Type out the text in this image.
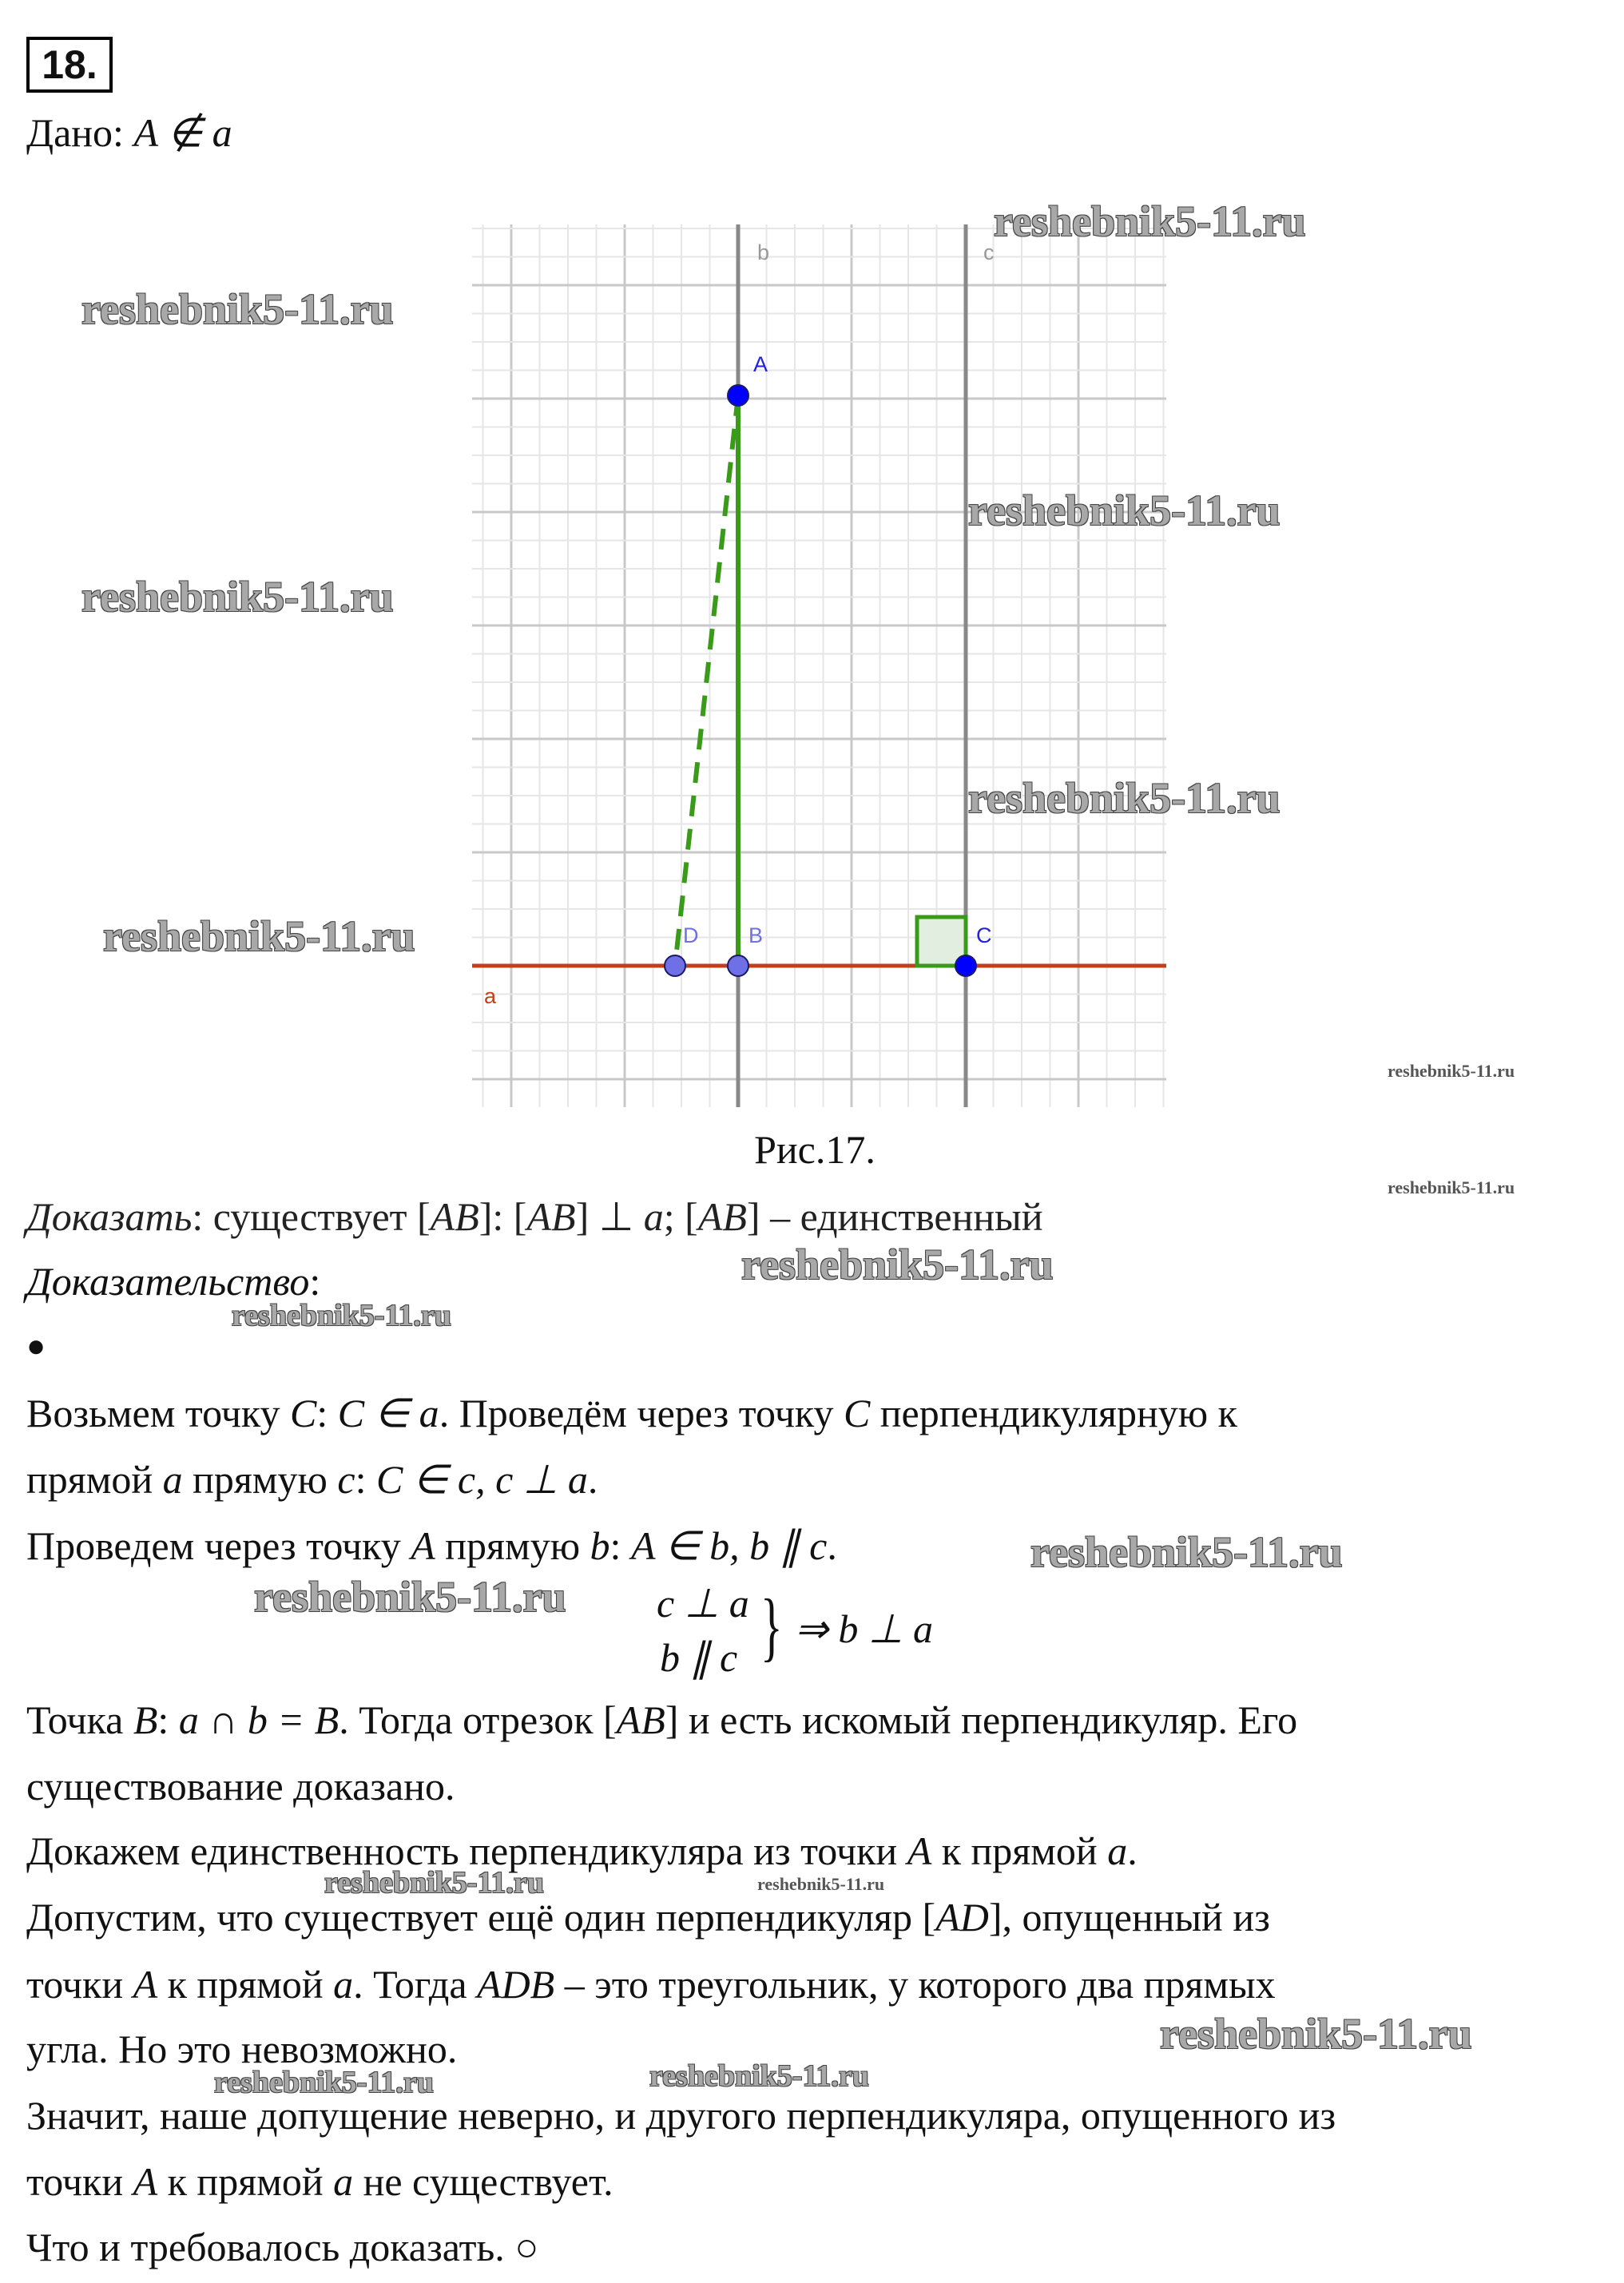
18.
Дано: A ∉ a
A
B
D	C
b	c
a
Рис.17.
Доказать: существует [AB]: [AB] ⊥ a; [AB] – единственный
Доказательство:
●
Возьмем точку C: C ∈ a. Проведём через точку C перпендикулярную к
прямой a прямую c: C ∈ c, c ⊥ a.
Проведем через точку A прямую b: A ∈ b, b ∥ c.
c ⊥ a
b ∥ c } ⇒ b ⊥ a
Точка B: a ∩ b = B. Тогда отрезок [AB] и есть искомый перпендикуляр. Его
существование доказано.
Докажем единственность перпендикуляра из точки A к прямой a.
Допустим, что существует ещё один перпендикуляр [AD], опущенный из
точки A к прямой a. Тогда ADB – это треугольник, у которого два прямых
угла. Но это невозможно.
Значит, наше допущение неверно, и другого перпендикуляра, опущенного из
точки A к прямой a не существует.
Что и требовалось доказать. ○
reshebnik5-11.ru
reshebnik5-11.ru
reshebnik5-11.ru
reshebnik5-11.ru
reshebnik5-11.ru
reshebnik5-11.ru
reshebnik5-11.ru
reshebnik5-11.ru
reshebnik5-11.ru
reshebnik5-11.ru
reshebnik5-11.ru
reshebnik5-11.ru
reshebnik5-11.ru	reshebnik5-11.ru
reshebnik5-11.ru
reshebnik5-11.ru	reshebnik5-11.ru
